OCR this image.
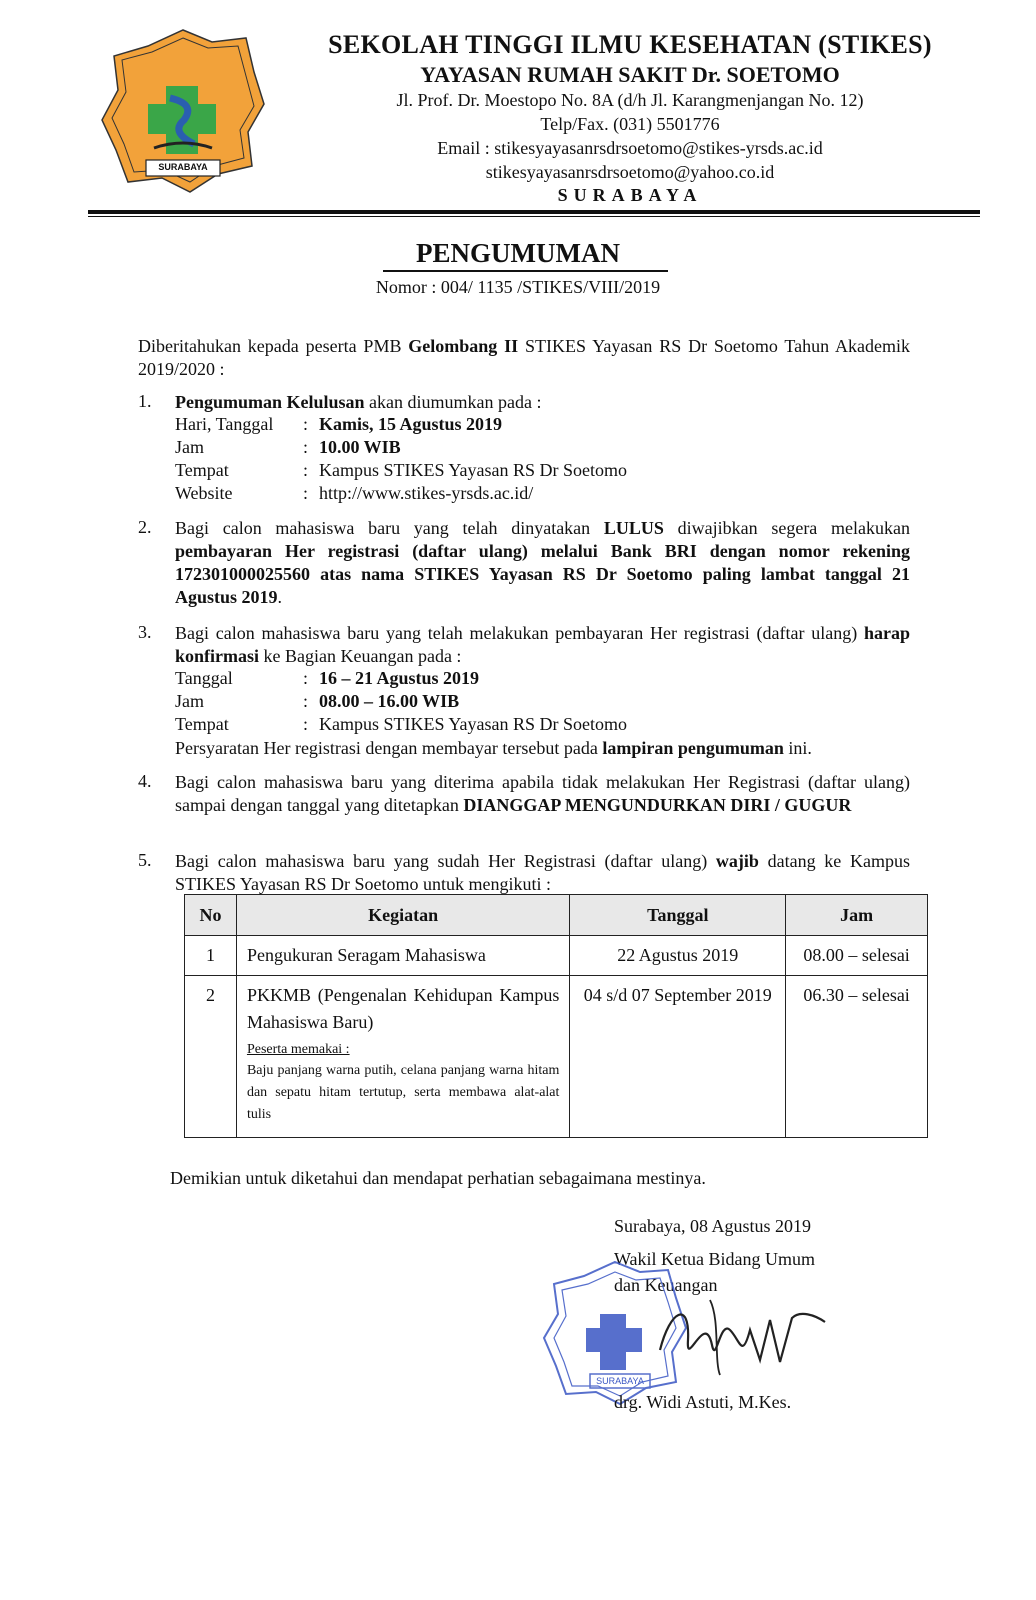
SURABAYA
SEKOLAH TINGGI ILMU KESEHATAN (STIKES)
YAYASAN RUMAH SAKIT Dr. SOETOMO
Jl. Prof. Dr. Moestopo No. 8A (d/h Jl. Karangmenjangan No. 12)
Telp/Fax. (031) 5501776
Email : stikesyayasanrsdrsoetomo@stikes-yrsds.ac.id
stikesyayasanrsdrsoetomo@yahoo.co.id
SURABAYA
PENGUMUMAN
Nomor : 004/ 1135 /STIKES/VIII/2019
Diberitahukan kepada peserta PMB Gelombang II STIKES Yayasan RS Dr Soetomo Tahun Akademik 2019/2020 :
1. Pengumuman Kelulusan akan diumumkan pada :
Hari, Tanggal : Kamis, 15 Agustus 2019
Jam	: 10.00 WIB
Tempat	: Kampus STIKES Yayasan RS Dr Soetomo
Website	: http://www.stikes-yrsds.ac.id/
2. Bagi calon mahasiswa baru yang telah dinyatakan LULUS diwajibkan segera melakukan pembayaran Her registrasi (daftar ulang) melalui Bank BRI dengan nomor rekening 172301000025560 atas nama STIKES Yayasan RS Dr Soetomo paling lambat tanggal 21 Agustus 2019.
3. Bagi calon mahasiswa baru yang telah melakukan pembayaran Her registrasi (daftar ulang) harap konfirmasi ke Bagian Keuangan pada :
Tanggal	: 16 – 21 Agustus 2019
Jam	: 08.00 – 16.00 WIB
Tempat	: Kampus STIKES Yayasan RS Dr Soetomo
Persyaratan Her registrasi dengan membayar tersebut pada lampiran pengumuman ini.
4. Bagi calon mahasiswa baru yang diterima apabila tidak melakukan Her Registrasi (daftar ulang) sampai dengan tanggal yang ditetapkan DIANGGAP MENGUNDURKAN DIRI / GUGUR
5. Bagi calon mahasiswa baru yang sudah Her Registrasi (daftar ulang) wajib datang ke Kampus STIKES Yayasan RS Dr Soetomo untuk mengikuti :
No	Kegiatan	Tanggal	Jam
1	Pengukuran Seragam Mahasiswa	22 Agustus 2019	08.00 – selesai
2	PKKMB (Pengenalan Kehidupan Kampus Mahasiswa Baru)
Peserta memakai :
Baju panjang warna putih, celana panjang warna hitam dan sepatu hitam tertutup, serta membawa alat-alat tulis	04 s/d 07 September 2019	06.30 – selesai
Demikian untuk diketahui dan mendapat perhatian sebagaimana mestinya.
Surabaya, 08 Agustus 2019
Wakil Ketua Bidang Umum
dan Keuangan
SURABAYA
drg. Widi Astuti, M.Kes.
